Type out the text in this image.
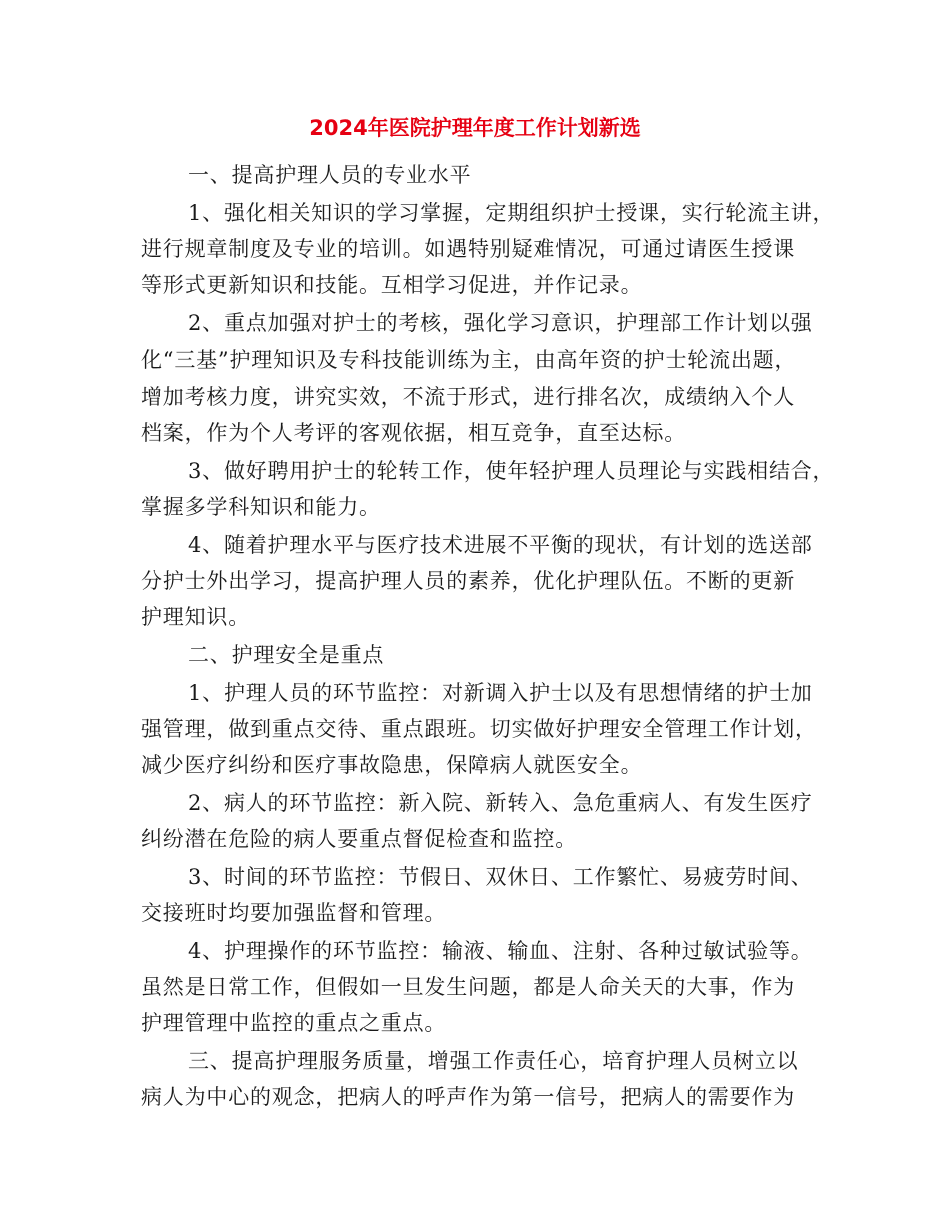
2024年医院护理年度工作计划新选
一、提高护理人员的专业水平
1、强化相关知识的学习掌握，定期组织护士授课，实行轮流主讲，
进行规章制度及专业的培训。如遇特别疑难情况，可通过请医生授课
等形式更新知识和技能。互相学习促进，并作记录。
2、重点加强对护士的考核，强化学习意识，护理部工作计划以强
化“三基”护理知识及专科技能训练为主，由高年资的护士轮流出题，
增加考核力度，讲究实效，不流于形式，进行排名次，成绩纳入个人
档案，作为个人考评的客观依据，相互竞争，直至达标。
3、做好聘用护士的轮转工作，使年轻护理人员理论与实践相结合，
掌握多学科知识和能力。
4、随着护理水平与医疗技术进展不平衡的现状，有计划的选送部
分护士外出学习，提高护理人员的素养，优化护理队伍。不断的更新
护理知识。
二、护理安全是重点
1、护理人员的环节监控：对新调入护士以及有思想情绪的护士加
强管理，做到重点交待、重点跟班。切实做好护理安全管理工作计划，
减少医疗纠纷和医疗事故隐患，保障病人就医安全。
2、病人的环节监控：新入院、新转入、急危重病人、有发生医疗
纠纷潜在危险的病人要重点督促检查和监控。
3、时间的环节监控：节假日、双休日、工作繁忙、易疲劳时间、
交接班时均要加强监督和管理。
4、护理操作的环节监控：输液、输血、注射、各种过敏试验等。
虽然是日常工作，但假如一旦发生问题，都是人命关天的大事，作为
护理管理中监控的重点之重点。
三、提高护理服务质量，增强工作责任心，培育护理人员树立以
病人为中心的观念，把病人的呼声作为第一信号，把病人的需要作为
